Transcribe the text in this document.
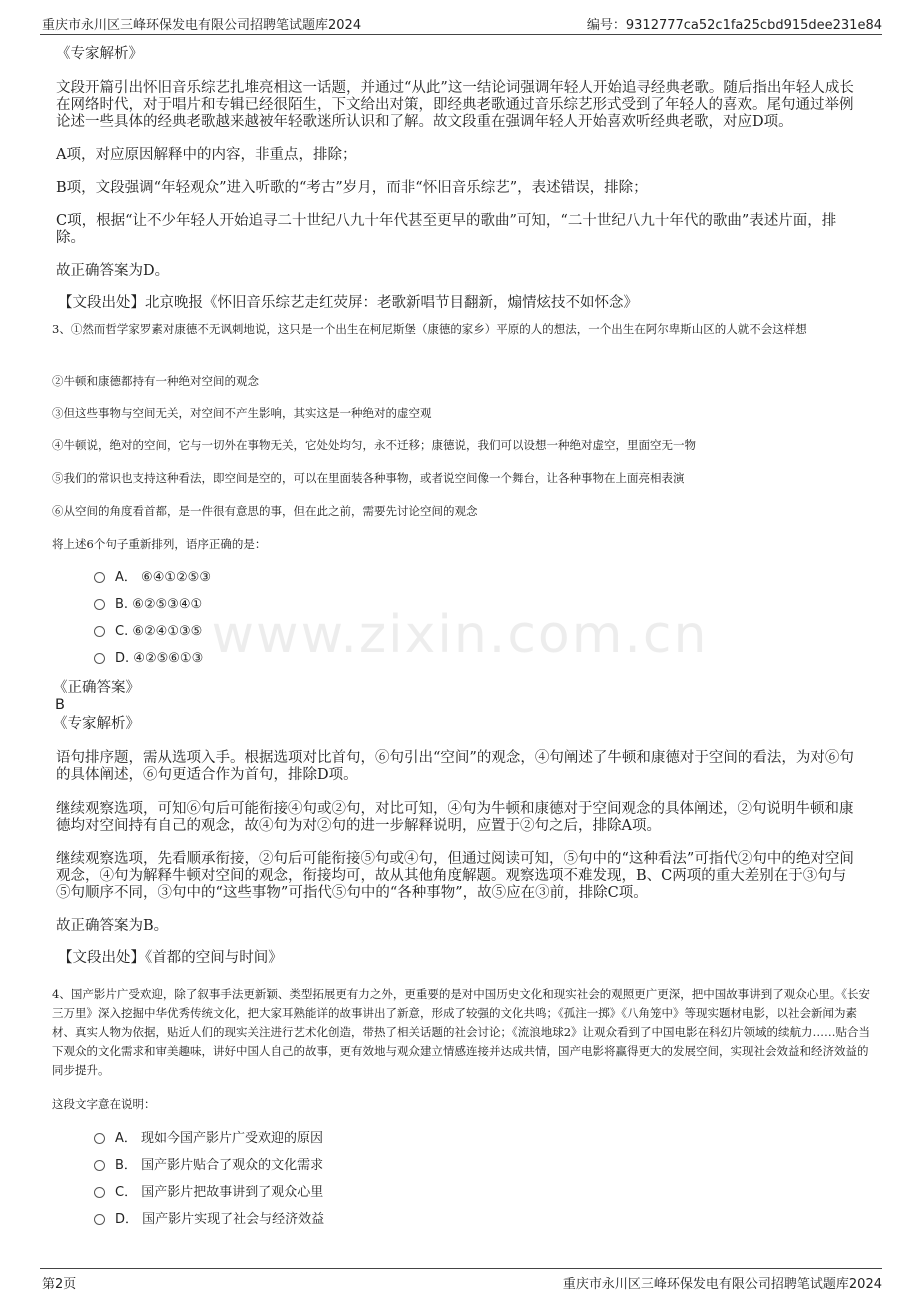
重庆市永川区三峰环保发电有限公司招聘笔试题库2024	编号：9312777ca52c1fa25cbd915dee231e84
www.zixin.com.cn
《专家解析》
文段开篇引出怀旧音乐综艺扎堆亮相这一话题，并通过“从此”这一结论词强调年轻人开始追寻经典老歌。随后指出年轻人成长在网络时代，对于唱片和专辑已经很陌生，下文给出对策，即经典老歌通过音乐综艺形式受到了年轻人的喜欢。尾句通过举例论述一些具体的经典老歌越来越被年轻歌迷所认识和了解。故文段重在强调年轻人开始喜欢听经典老歌，对应D项。
A项，对应原因解释中的内容，非重点，排除；
B项，文段强调“年轻观众”进入听歌的“考古”岁月，而非“怀旧音乐综艺”，表述错误，排除；
C项，根据“让不少年轻人开始追寻二十世纪八九十年代甚至更早的歌曲”可知，“二十世纪八九十年代的歌曲”表述片面，排除。
故正确答案为D。
【文段出处】北京晚报《怀旧音乐综艺走红荧屏：老歌新唱节目翻新，煽情炫技不如怀念》
3、①然而哲学家罗素对康德不无讽刺地说，这只是一个出生在柯尼斯堡（康德的家乡）平原的人的想法，一个出生在阿尔卑斯山区的人就不会这样想
②牛顿和康德都持有一种绝对空间的观念
③但这些事物与空间无关，对空间不产生影响，其实这是一种绝对的虚空观
④牛顿说，绝对的空间，它与一切外在事物无关，它处处均匀，永不迁移；康德说，我们可以设想一种绝对虚空，里面空无一物
⑤我们的常识也支持这种看法，即空间是空的，可以在里面装各种事物，或者说空间像一个舞台，让各种事物在上面亮相表演
⑥从空间的角度看首都，是一件很有意思的事，但在此之前，需要先讨论空间的观念
将上述6个句子重新排列，语序正确的是：
A． ⑥④①②⑤③
B. ⑥②⑤③④①
C. ⑥②④①③⑤
D. ④②⑤⑥①③
《正确答案》
B
《专家解析》
语句排序题，需从选项入手。根据选项对比首句，⑥句引出“空间”的观念，④句阐述了牛顿和康德对于空间的看法，为对⑥句的具体阐述，⑥句更适合作为首句，排除D项。
继续观察选项，可知⑥句后可能衔接④句或②句，对比可知，④句为牛顿和康德对于空间观念的具体阐述，②句说明牛顿和康德均对空间持有自己的观念，故④句为对②句的进一步解释说明，应置于②句之后，排除A项。
继续观察选项，先看顺承衔接，②句后可能衔接⑤句或④句，但通过阅读可知，⑤句中的“这种看法”可指代②句中的绝对空间观念，④句为解释牛顿对空间的观念，衔接均可，故从其他角度解题。观察选项不难发现，B、C两项的重大差别在于③句与⑤句顺序不同，③句中的“这些事物”可指代⑤句中的“各种事物”，故⑤应在③前，排除C项。
故正确答案为B。
【文段出处】《首都的空间与时间》
4、国产影片广受欢迎，除了叙事手法更新颖、类型拓展更有力之外，更重要的是对中国历史文化和现实社会的观照更广更深，把中国故事讲到了观众心里。《长安三万里》深入挖掘中华优秀传统文化，把大家耳熟能详的故事讲出了新意，形成了较强的文化共鸣；《孤注一掷》《八角笼中》等现实题材电影，以社会新闻为素材、真实人物为依据，贴近人们的现实关注进行艺术化创造，带热了相关话题的社会讨论；《流浪地球2》让观众看到了中国电影在科幻片领域的续航力……贴合当下观众的文化需求和审美趣味，讲好中国人自己的故事，更有效地与观众建立情感连接并达成共情，国产电影将赢得更大的发展空间，实现社会效益和经济效益的同步提升。
这段文字意在说明：
A． 现如今国产影片广受欢迎的原因
B． 国产影片贴合了观众的文化需求
C． 国产影片把故事讲到了观众心里
D． 国产影片实现了社会与经济效益
第2页	重庆市永川区三峰环保发电有限公司招聘笔试题库2024
